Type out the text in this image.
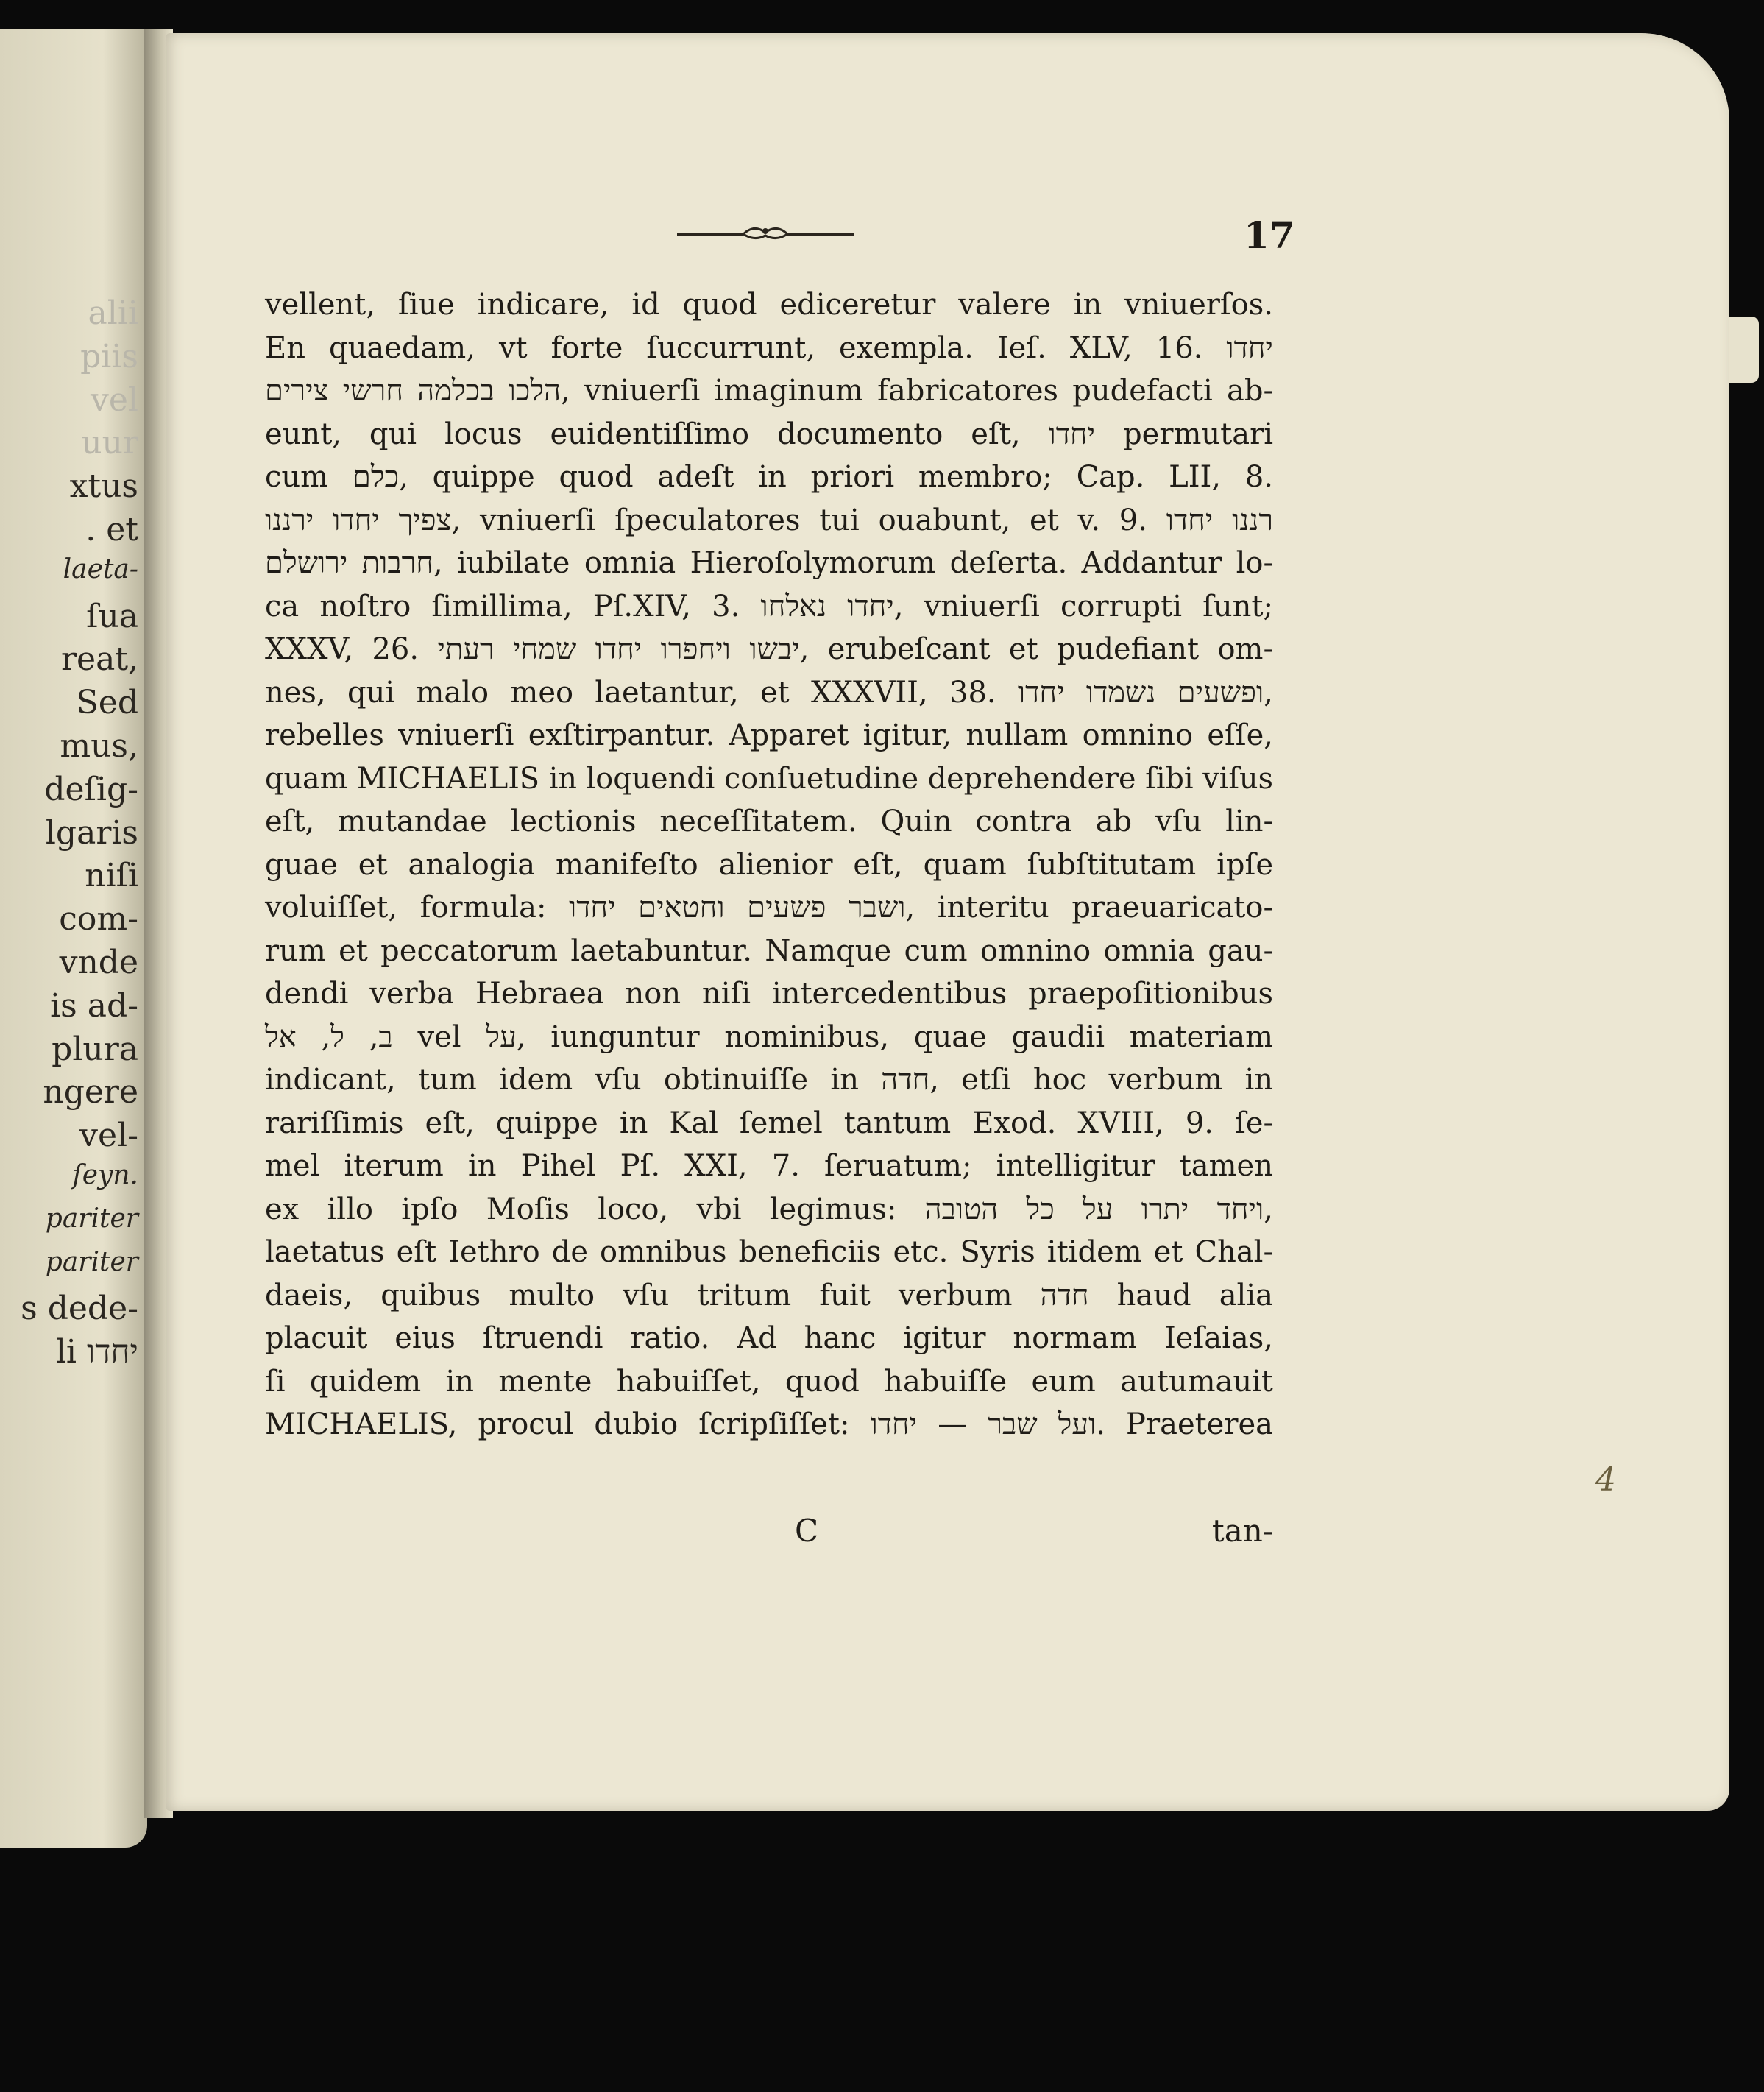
alii
piis
vel
uur
xtus
. et
laeta-
ſua
reat,
Sed
mus,
deſig-
lgaris
niſi
com-
vnde
is ad-
plura
ngere
vel-
ſeyn.
pariter
pariter
s dede-
li יחדו
17
vellent, ſiue indicare, id quod ediceretur valere in vniuerſos.
En quaedam, vt forte ſuccurrunt, exempla. Ieſ. XLV, 16. יחדו
הלכו בכלמה חרשי צירים, vniuerſi imaginum fabricatores pudefacti ab-
eunt, qui locus euidentiſſimo documento eſt, יחדו permutari
cum כלם, quippe quod adeſt in priori membro; Cap. LII, 8.
צפיך יחדו ירננו, vniuerſi ſpeculatores tui ouabunt, et v. 9. רננו יחדו
חרבות ירושלם, iubilate omnia Hieroſolymorum deſerta. Addantur lo-
ca noſtro ſimillima, Pſ.XIV, 3. יחדו נאלחו, vniuerſi corrupti ſunt;
XXXV, 26. יבשו ויחפרו יחדו שמחי רעתי, erubeſcant et pudefiant om-
nes, qui malo meo laetantur, et XXXVII, 38. ופשעים נשמדו יחדו,
rebelles vniuerſi exſtirpantur. Apparet igitur, nullam omnino eſſe,
quam MICHAELIS in loquendi conſuetudine deprehendere ſibi viſus
eſt, mutandae lectionis neceſſitatem. Quin contra ab vſu lin-
guae et analogia manifeſto alienior eſt, quam ſubſtitutam ipſe
voluiſſet, formula: ושבר פשעים וחטאים יחדו, interitu praeuaricato-
rum et peccatorum laetabuntur. Namque cum omnino omnia gau-
dendi verba Hebraea non niſi intercedentibus praepoſitionibus
ב, ל, אל vel על, iunguntur nominibus, quae gaudii materiam
indicant, tum idem vſu obtinuiſſe in חדה, etſi hoc verbum in
rariſſimis eſt, quippe in Kal ſemel tantum Exod. XVIII, 9. ſe-
mel iterum in Pihel Pſ. XXI, 7. ſeruatum; intelligitur tamen
ex illo ipſo Moſis loco, vbi legimus: ויחד יתרו על כל הטובה,
laetatus eſt Iethro de omnibus beneficiis etc. Syris itidem et Chal-
daeis, quibus multo vſu tritum fuit verbum חדה haud alia
placuit eius ſtruendi ratio. Ad hanc igitur normam Ieſaias,
ſi quidem in mente habuiſſet, quod habuiſſe eum autumauit
MICHAELIS, procul dubio ſcripſiſſet: ועל שבר — יחדו. Praeterea
C	tan-
4
